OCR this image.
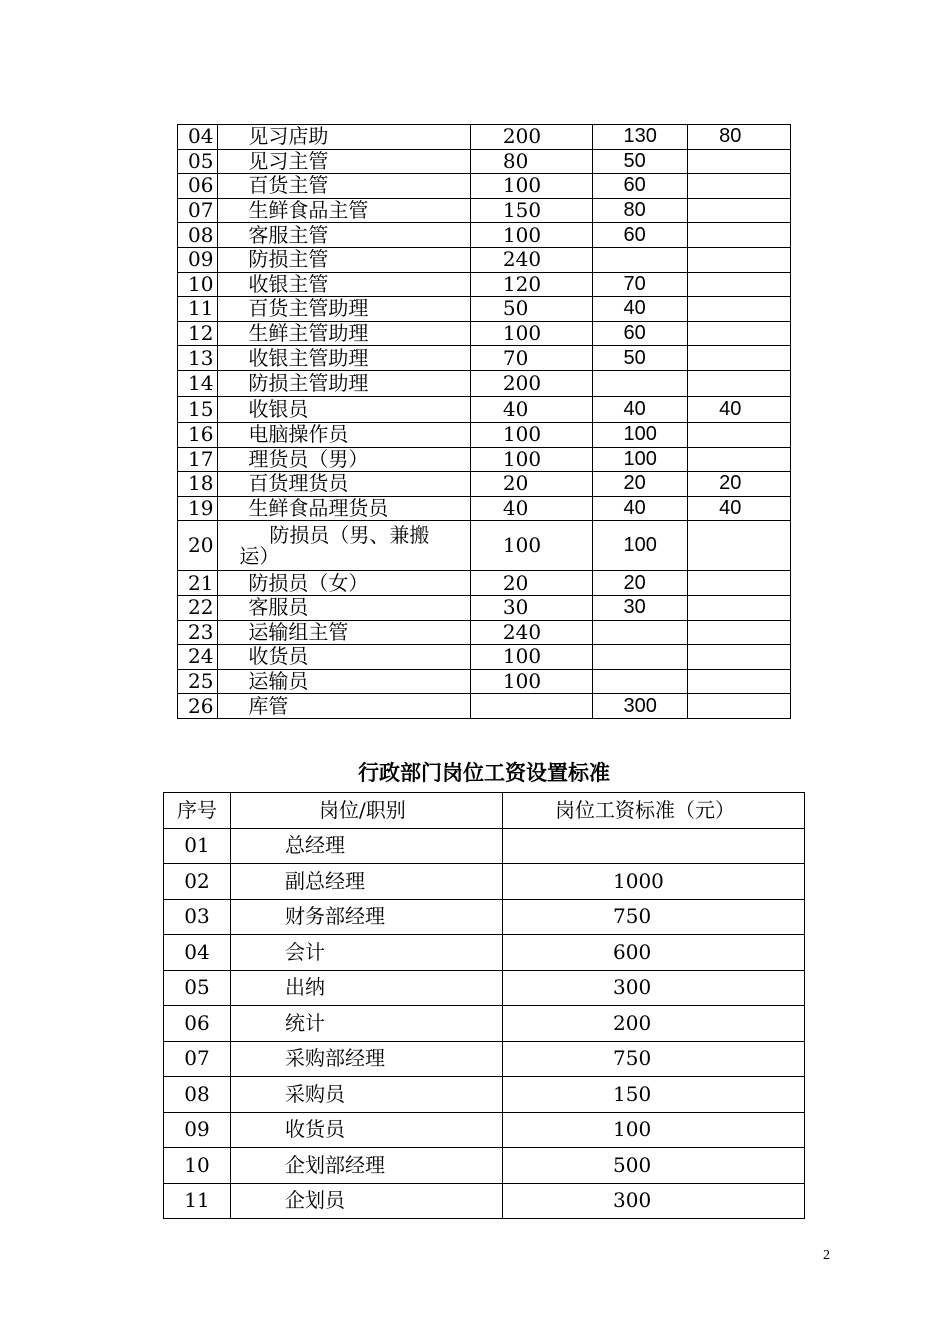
04	见习店助	200	130	80
05	见习主管	80	50	
06	百货主管	100	60	
07	生鲜食品主管	150	80	
08	客服主管	100	60	
09	防损主管	240		
10	收银主管	120	70	
11	百货主管助理	50	40	
12	生鲜主管助理	100	60	
13	收银主管助理	70	50	
14	防损主管助理	200		
15	收银员	40	40	40
16	电脑操作员	100	100	
17	理货员（男）	100	100	
18	百货理货员	20	20	20
19	生鲜食品理货员	40	40	40
20	防损员（男、兼搬
运）	100	100	
21	防损员（女）	20	20	
22	客服员	30	30	
23	运输组主管	240		
24	收货员	100		
25	运输员	100		
26	库管		300	
行政部门岗位工资设置标准
序号	岗位/职别	岗位工资标准（元）
01	总经理	
02	副总经理	1000
03	财务部经理	750
04	会计	600
05	出纳	300
06	统计	200
07	采购部经理	750
08	采购员	150
09	收货员	100
10	企划部经理	500
11	企划员	300
2
